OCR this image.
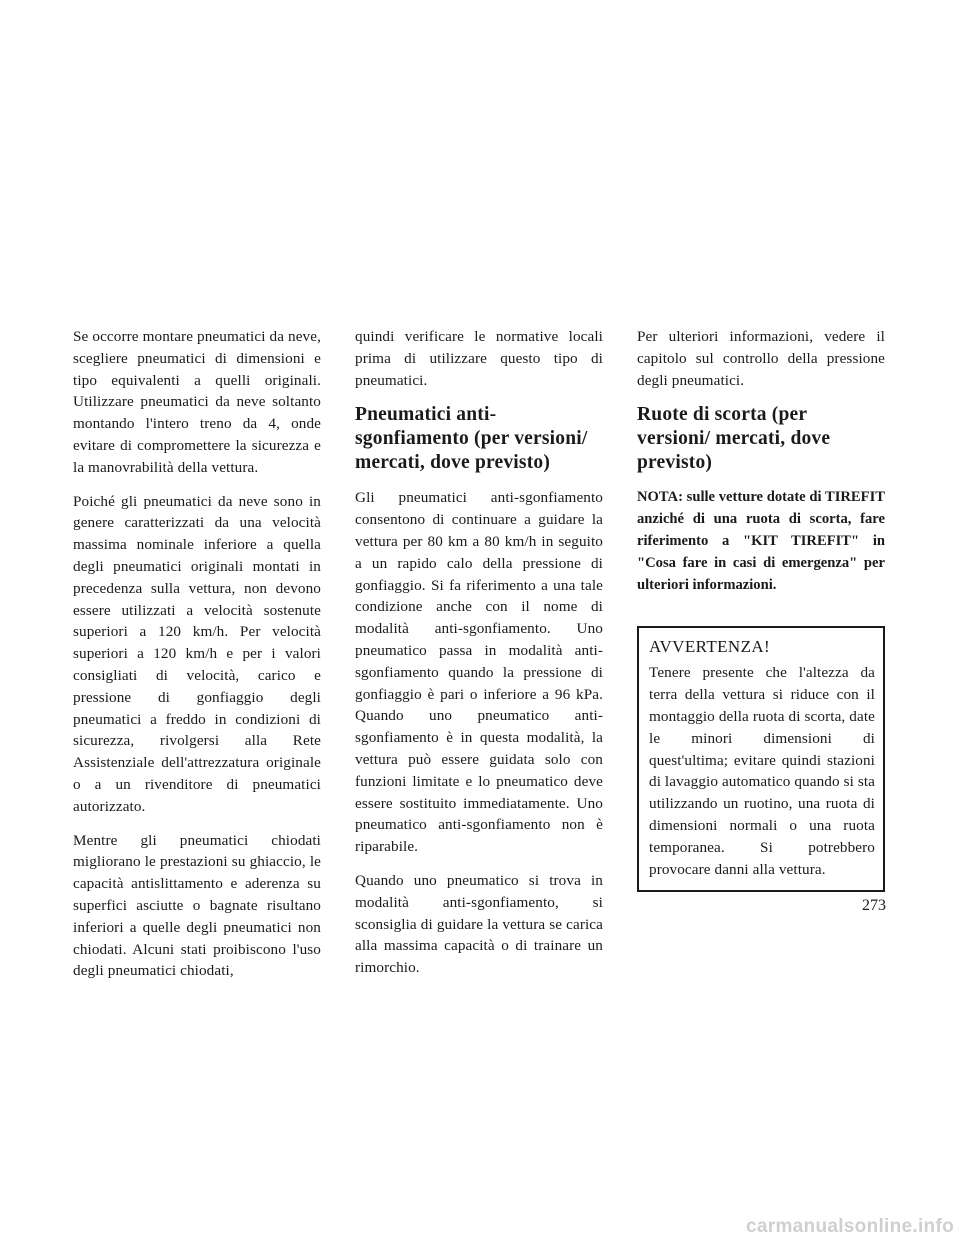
Se occorre montare pneumatici da neve, scegliere pneumatici di dimensioni e tipo equivalenti a quelli originali. Utilizzare pneumatici da neve soltanto montando l'intero treno da 4, onde evitare di compromettere la sicurezza e la manovrabilità della vettura.

Poiché gli pneumatici da neve sono in genere caratterizzati da una velocità massima nominale inferiore a quella degli pneumatici originali montati in precedenza sulla vettura, non devono essere utilizzati a velocità sostenute superiori a 120 km/h. Per velocità superiori a 120 km/h e per i valori consigliati di velocità, carico e pressione di gonfiaggio degli pneumatici a freddo in condizioni di sicurezza, rivolgersi alla Rete Assistenziale dell'attrezzatura originale o a un rivenditore di pneumatici autorizzato.

Mentre gli pneumatici chiodati migliorano le prestazioni su ghiaccio, le capacità antislittamento e aderenza su superfici asciutte o bagnate risultano inferiori a quelle degli pneumatici non chiodati. Alcuni stati proibiscono l'uso degli pneumatici chiodati,

quindi verificare le normative locali prima di utilizzare questo tipo di pneumatici.

Pneumatici anti-sgonfiamento (per versioni/ mercati, dove previsto)

Gli pneumatici anti-sgonfiamento consentono di continuare a guidare la vettura per 80 km a 80 km/h in seguito a un rapido calo della pressione di gonfiaggio. Si fa riferimento a una tale condizione anche con il nome di modalità anti-sgonfiamento. Uno pneumatico passa in modalità anti-sgonfiamento quando la pressione di gonfiaggio è pari o inferiore a 96 kPa. Quando uno pneumatico anti-sgonfiamento è in questa modalità, la vettura può essere guidata solo con funzioni limitate e lo pneumatico deve essere sostituito immediatamente. Uno pneumatico anti-sgonfiamento non è riparabile.

Quando uno pneumatico si trova in modalità anti-sgonfiamento, si sconsiglia di guidare la vettura se carica alla massima capacità o di trainare un rimorchio.

Per ulteriori informazioni, vedere il capitolo sul controllo della pressione degli pneumatici.

Ruote di scorta (per versioni/ mercati, dove previsto)

NOTA: sulle vetture dotate di TIREFIT anziché di una ruota di scorta, fare riferimento a "KIT TIREFIT" in "Cosa fare in casi di emergenza" per ulteriori informazioni.

AVVERTENZA!

Tenere presente che l'altezza da terra della vettura si riduce con il montaggio della ruota di scorta, date le minori dimensioni di quest'ultima; evitare quindi stazioni di lavaggio automatico quando si sta utilizzando un ruotino, una ruota di dimensioni normali o una ruota temporanea. Si potrebbero provocare danni alla vettura.

273
carmanualsonline.info
